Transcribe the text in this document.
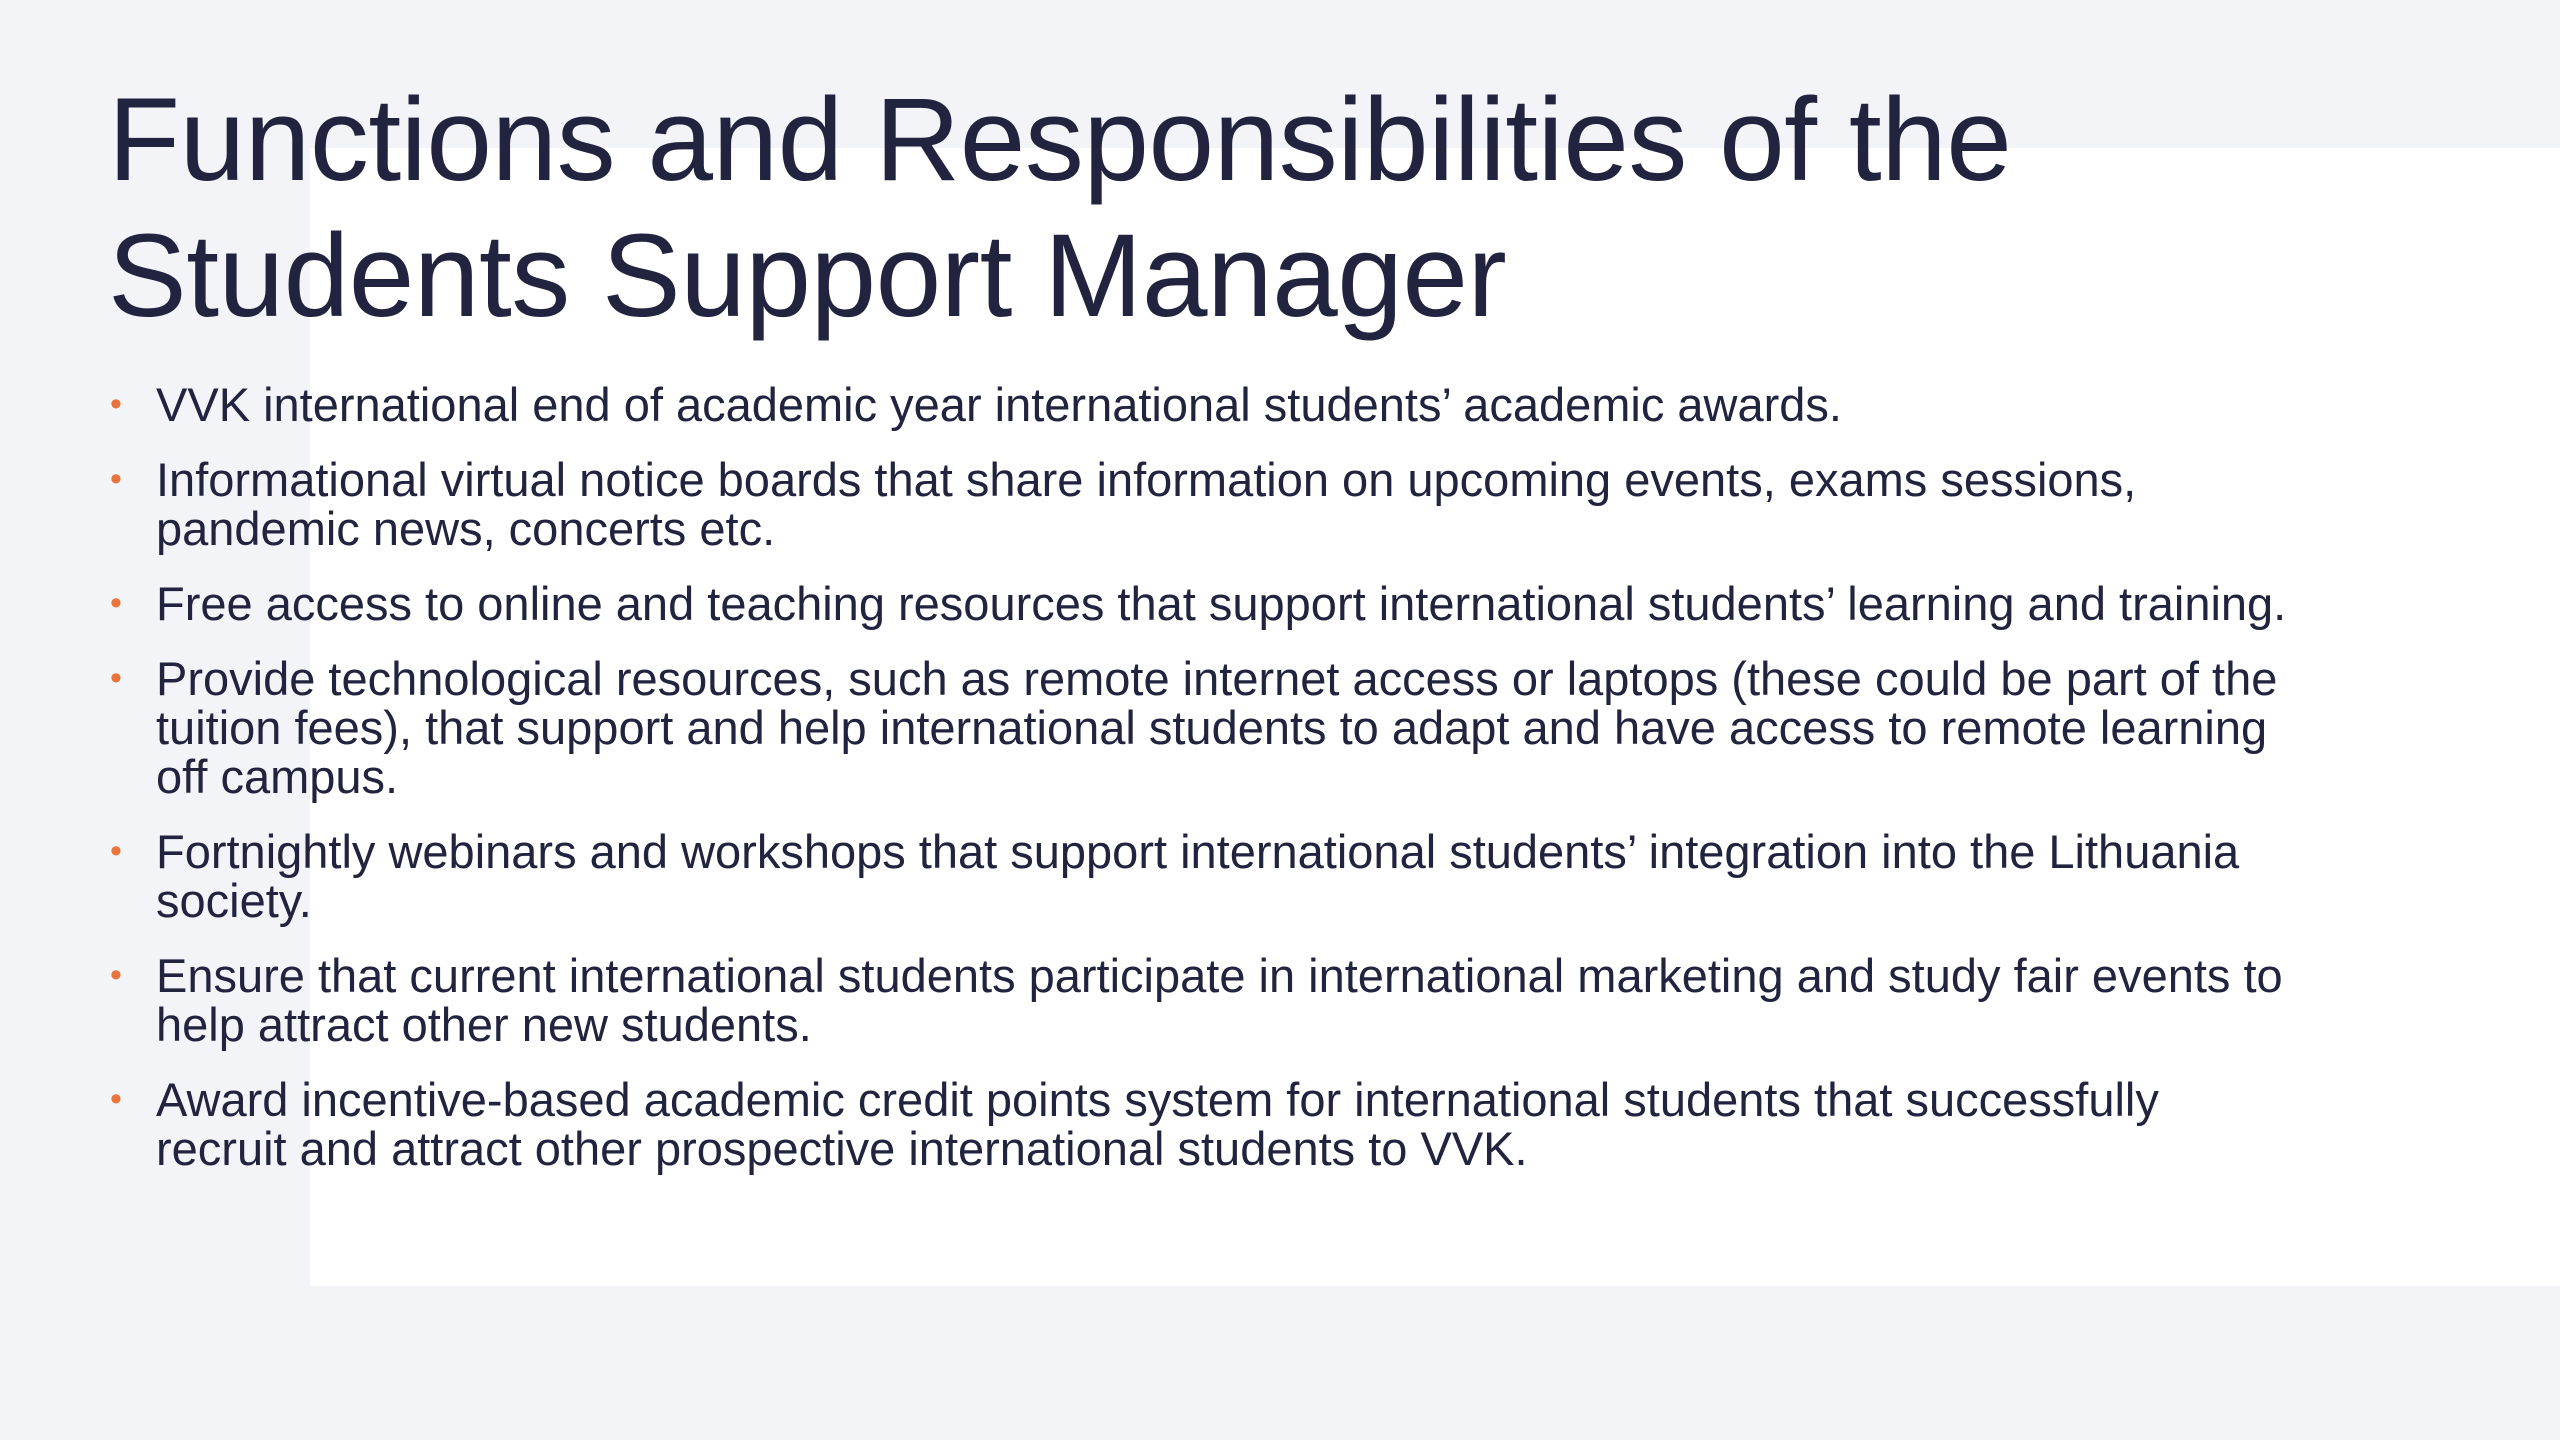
Functions and Responsibilities of the Students Support Manager
• VVK international end of academic year international students’ academic awards.
• Informational virtual notice boards that share information on upcoming events, exams sessions, pandemic news, concerts etc.
• Free access to online and teaching resources that support international students’ learning and training.
• Provide technological resources, such as remote internet access or laptops (these could be part of the tuition fees), that support and help international students to adapt and have access to remote learning off campus.
• Fortnightly webinars and workshops that support international students’ integration into the Lithuania society.
• Ensure that current international students participate in international marketing and study fair events to help attract other new students.
• Award incentive-based academic credit points system for international students that successfully recruit and attract other prospective international students to VVK.
